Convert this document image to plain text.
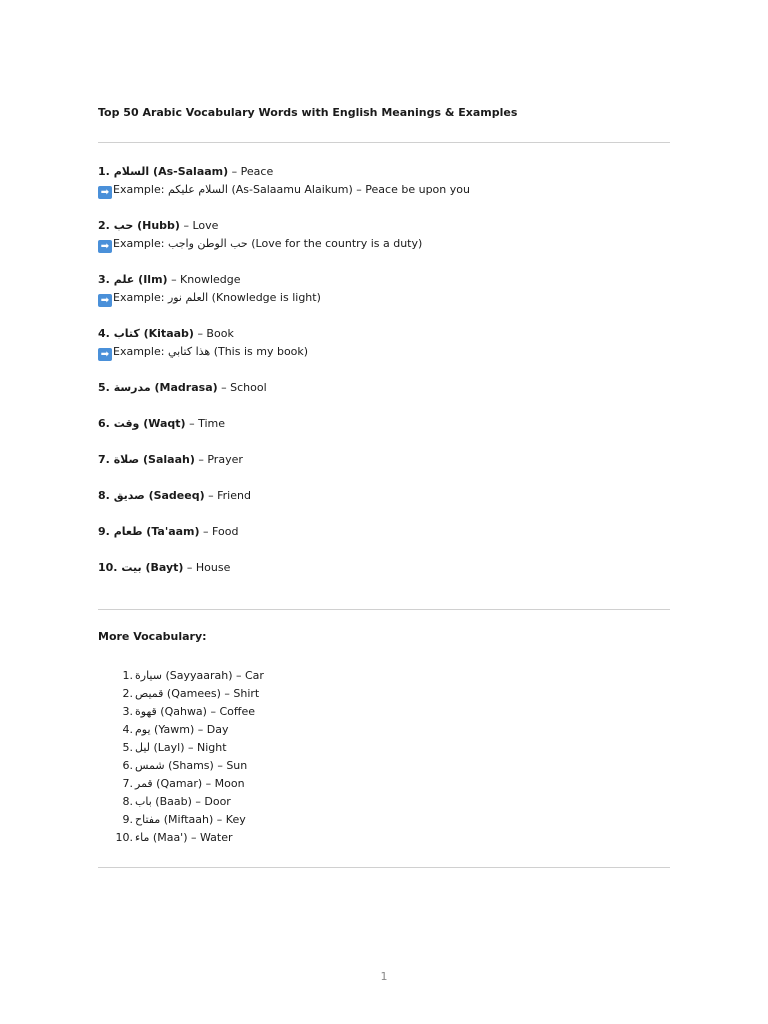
Top 50 Arabic Vocabulary Words with English Meanings & Examples
1. السلام (As-Salaam) – Peace
➡ Example: السلام عليكم (As-Salaamu Alaikum) – Peace be upon you
2. حب (Hubb) – Love
➡ Example: حب الوطن واجب (Love for the country is a duty)
3. علم (Ilm) – Knowledge
➡ Example: العلم نور (Knowledge is light)
4. كتاب (Kitaab) – Book
➡ Example: هذا كتابي (This is my book)
5. مدرسة (Madrasa) – School
6. وقت (Waqt) – Time
7. صلاة (Salaah) – Prayer
8. صديق (Sadeeq) – Friend
9. طعام (Ta'aam) – Food
10. بيت (Bayt) – House
More Vocabulary:
1. سيارة (Sayyaarah) – Car
2. قميص (Qamees) – Shirt
3. قهوة (Qahwa) – Coffee
4. يوم (Yawm) – Day
5. ليل (Layl) – Night
6. شمس (Shams) – Sun
7. قمر (Qamar) – Moon
8. باب (Baab) – Door
9. مفتاح (Miftaah) – Key
10. ماء (Maa') – Water
1
